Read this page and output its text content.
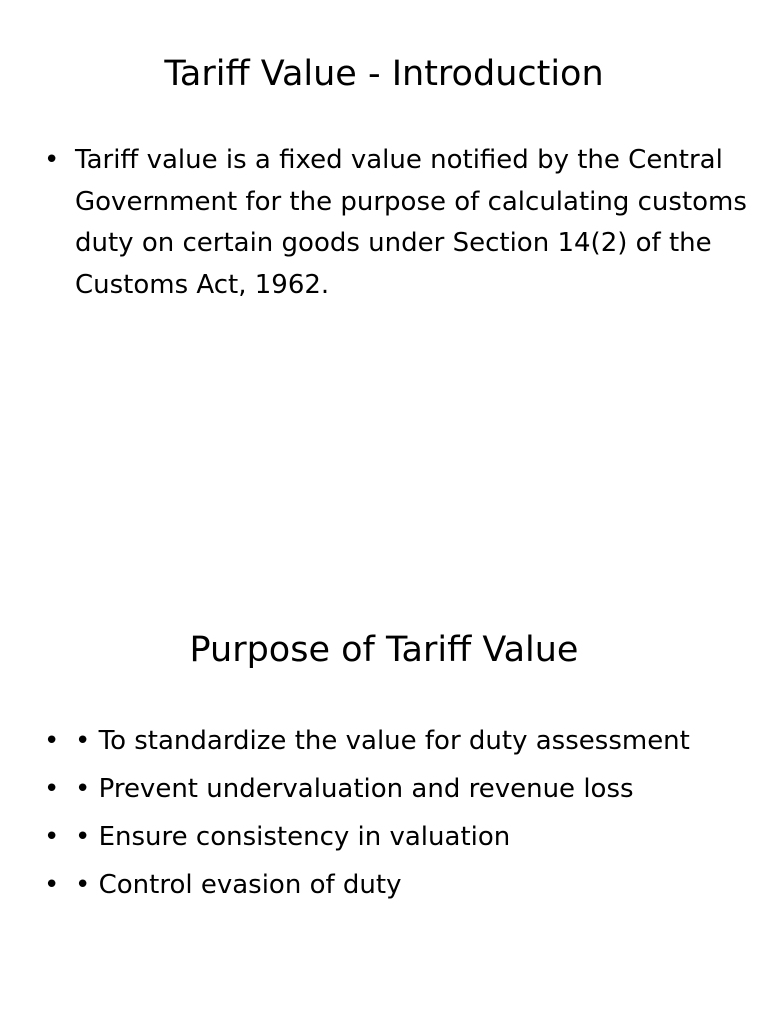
Tariff Value - Introduction
• Tariff value is a fixed value notified by the Central Government for the purpose of calculating customs duty on certain goods under Section 14(2) of the Customs Act, 1962.
Purpose of Tariff Value
• • To standardize the value for duty assessment
• • Prevent undervaluation and revenue loss
• • Ensure consistency in valuation
• • Control evasion of duty
